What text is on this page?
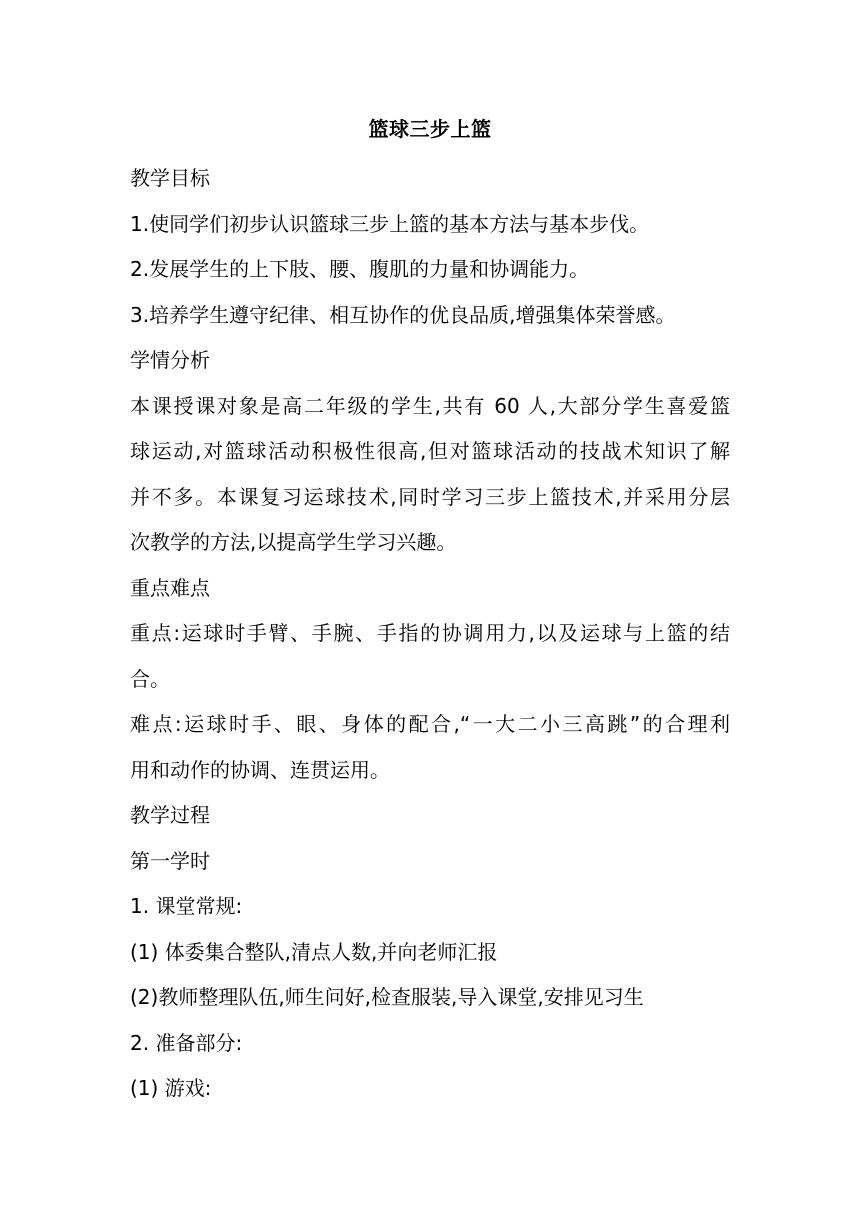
篮球三步上篮
教学目标
1.使同学们初步认识篮球三步上篮的基本方法与基本步伐。
2.发展学生的上下肢、腰、腹肌的力量和协调能力。
3.培养学生遵守纪律、相互协作的优良品质,增强集体荣誉感。
学情分析
本课授课对象是高二年级的学生,共有 60 人,大部分学生喜爱篮
球运动,对篮球活动积极性很高,但对篮球活动的技战术知识了解
并不多。本课复习运球技术,同时学习三步上篮技术,并采用分层
次教学的方法,以提高学生学习兴趣。
重点难点
重点:运球时手臂、手腕、手指的协调用力,以及运球与上篮的结
合。
难点:运球时手、眼、身体的配合,“一大二小三高跳”的合理利
用和动作的协调、连贯运用。
教学过程
第一学时
1. 课堂常规:
(1) 体委集合整队,清点人数,并向老师汇报
(2)教师整理队伍,师生问好,检查服装,导入课堂,安排见习生
2. 准备部分:
(1) 游戏:
